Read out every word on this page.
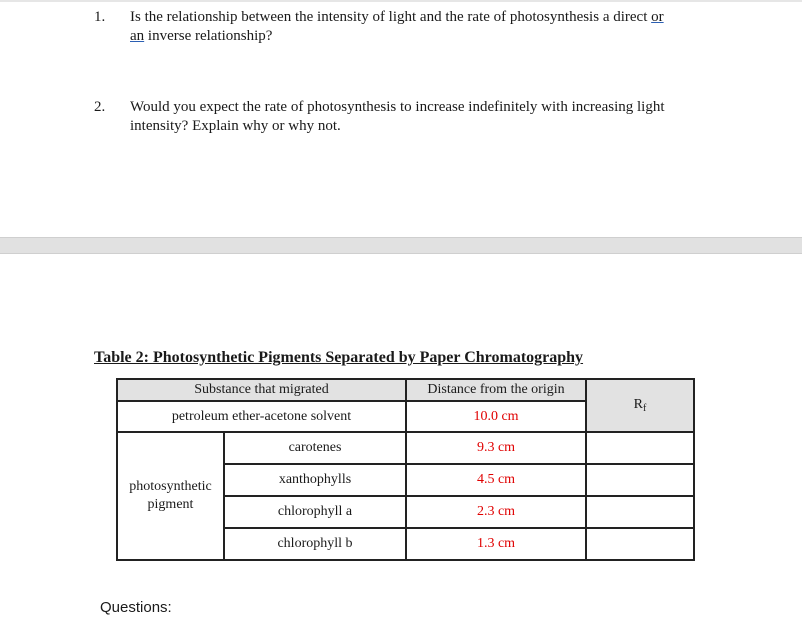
1. Is the relationship between the intensity of light and the rate of photosynthesis a direct or
an inverse relationship?
2. Would you expect the rate of photosynthesis to increase indefinitely with increasing light
intensity? Explain why or why not.
Table 2: Photosynthetic Pigments Separated by Paper Chromatography
Substance that migrated		Distance from the origin	$R_f$
petroleum ether-acetone solvent		10.0 cm	
photosynthetic pigment	carotenes	9.3 cm	
	xanthophylls	4.5 cm	
	chlorophyll a	2.3 cm	
	chlorophyll b	1.3 cm	
Questions:
